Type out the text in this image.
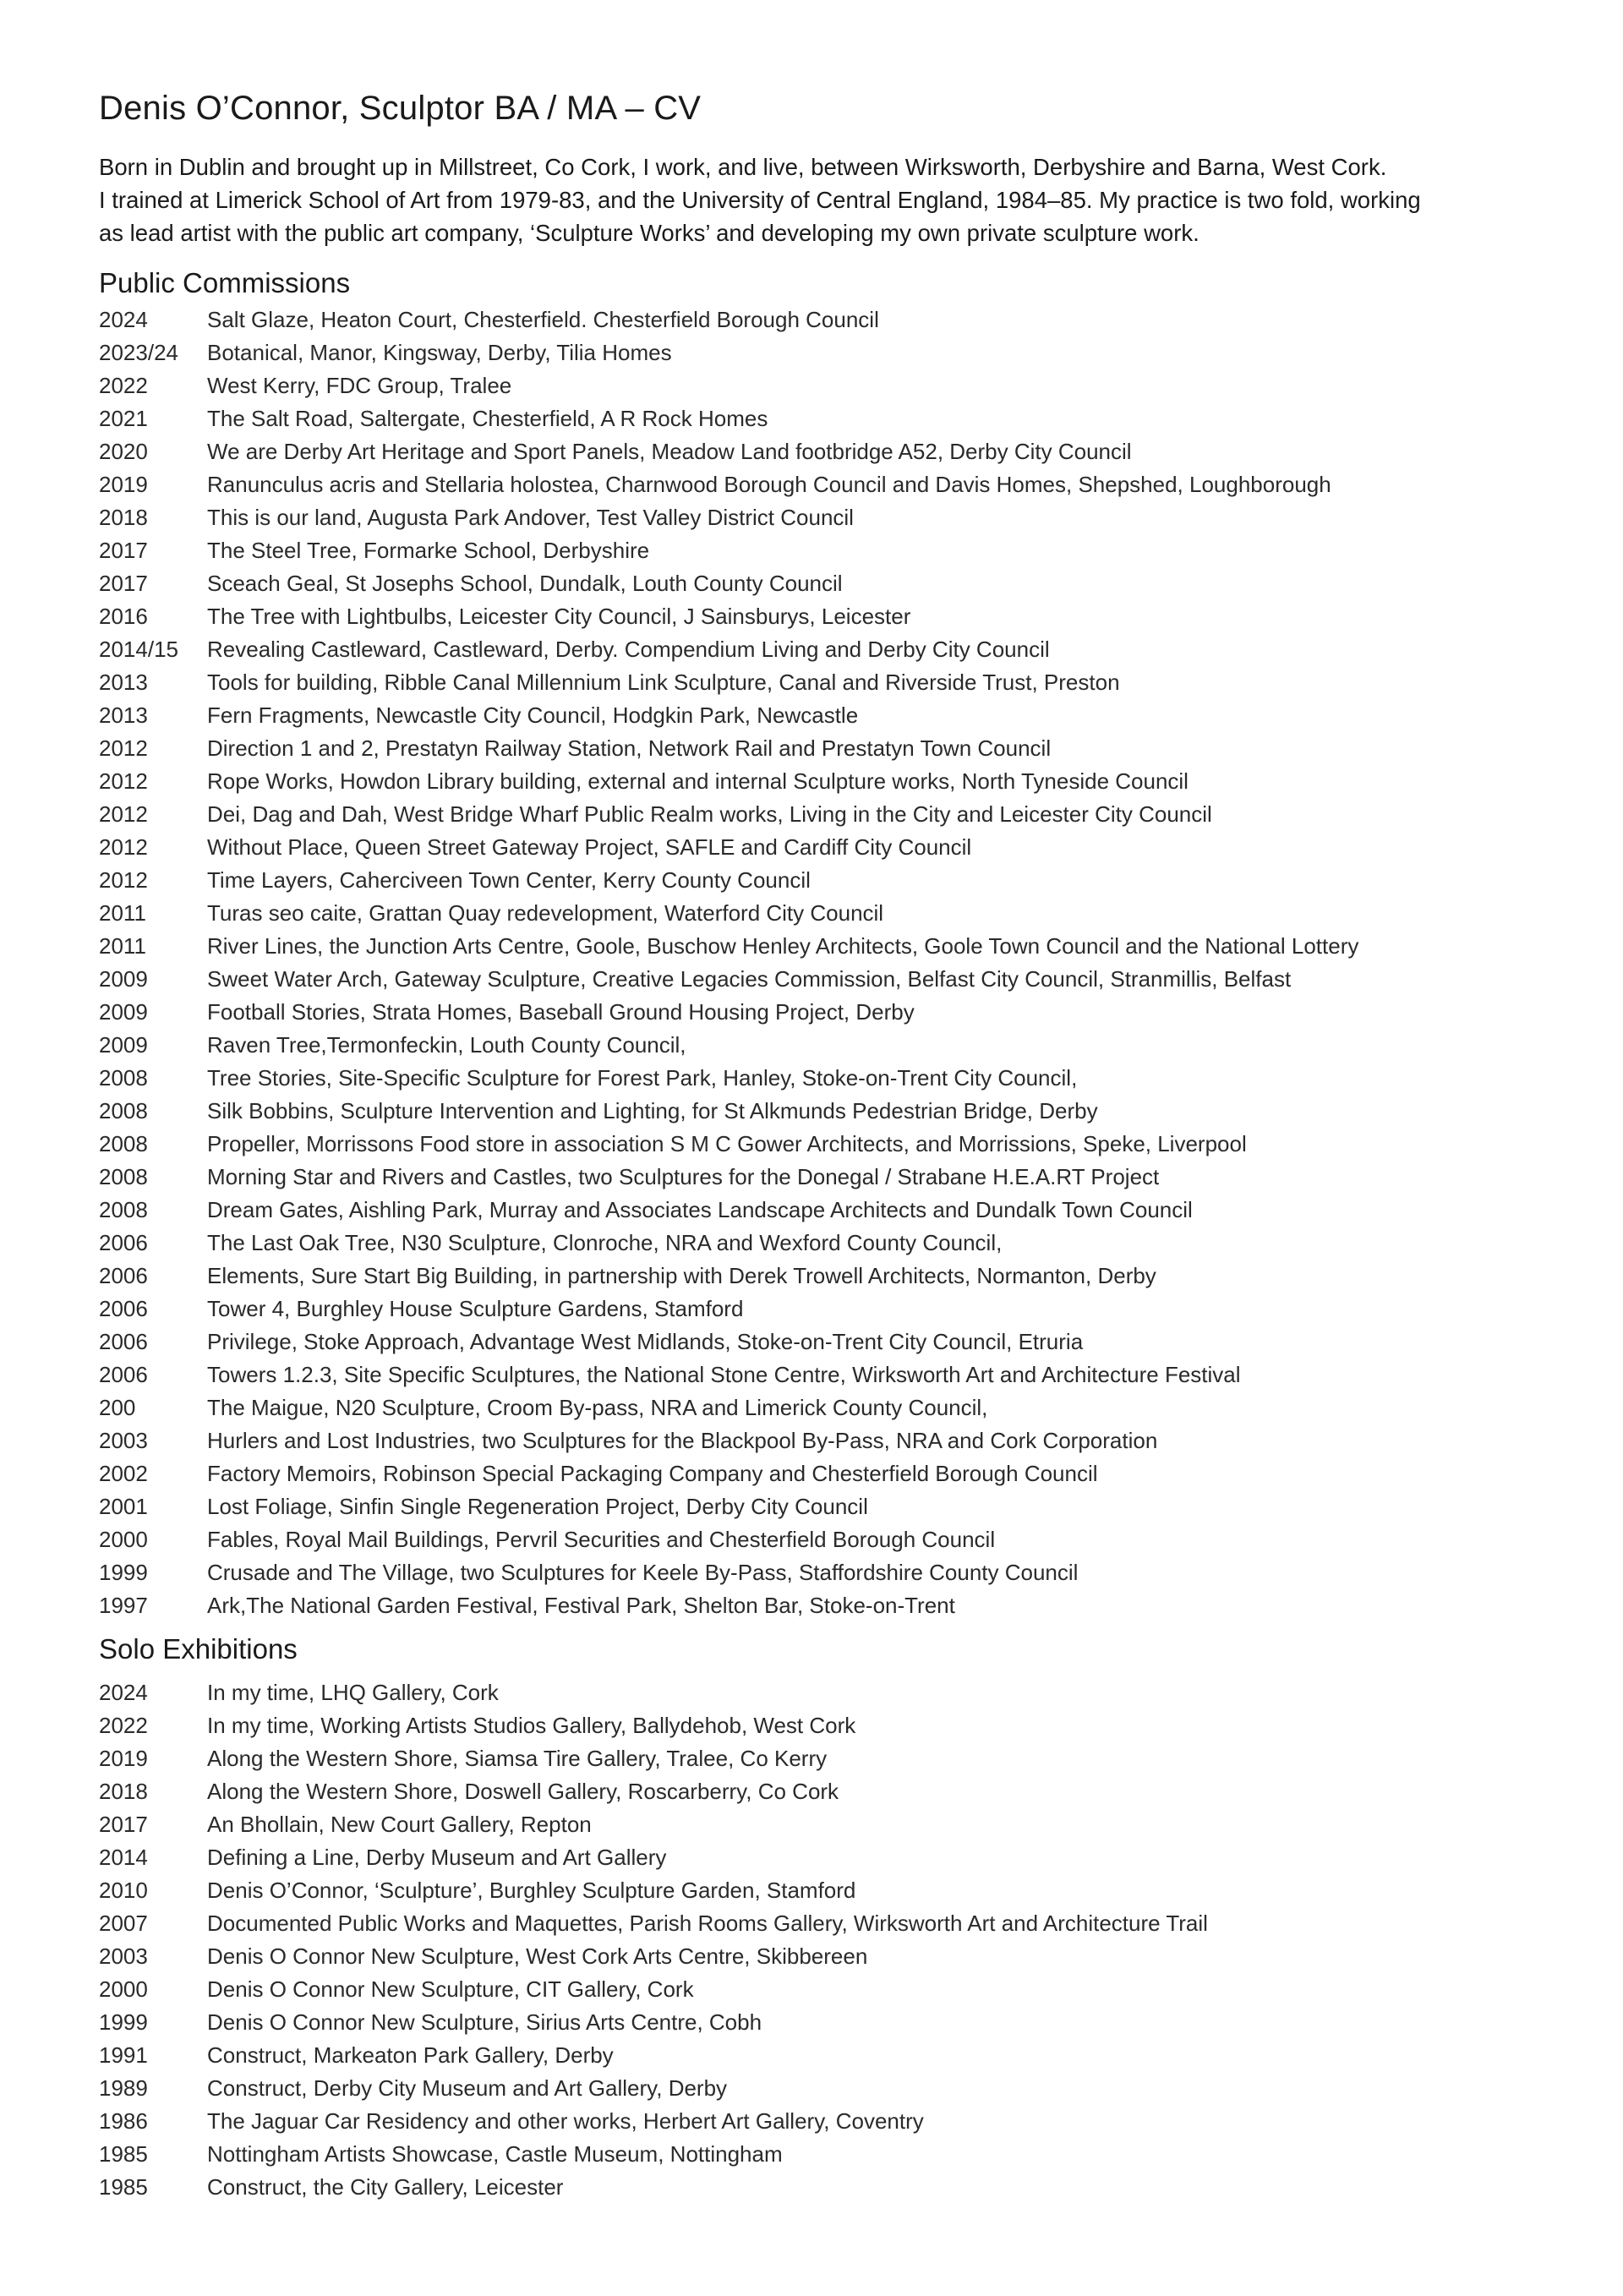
Denis O’Connor, Sculptor BA / MA – CV

Born in Dublin and brought up in Millstreet, Co Cork, I work, and live, between Wirksworth, Derbyshire and Barna, West Cork.

I trained at Limerick School of Art from 1979-83, and the University of Central England, 1984–85. My practice is two fold, working

as lead artist with the public art company, ‘Sculpture Works’ and developing my own private sculpture work.

Public Commissions
2024	Salt Glaze, Heaton Court, Chesterfield. Chesterfield Borough Council
2023/24	Botanical, Manor, Kingsway, Derby, Tilia Homes
2022	West Kerry, FDC Group, Tralee
2021	The Salt Road, Saltergate, Chesterfield, A R Rock Homes
2020	We are Derby Art Heritage and Sport Panels, Meadow Land footbridge A52, Derby City Council
2019	Ranunculus acris and Stellaria holostea, Charnwood Borough Council and Davis Homes, Shepshed, Loughborough
2018	This is our land, Augusta Park Andover, Test Valley District Council
2017	The Steel Tree, Formarke School, Derbyshire
2017	Sceach Geal, St Josephs School, Dundalk, Louth County Council
2016	The Tree with Lightbulbs, Leicester City Council, J Sainsburys, Leicester
2014/15	Revealing Castleward, Castleward, Derby. Compendium Living and Derby City Council
2013	Tools for building, Ribble Canal Millennium Link Sculpture, Canal and Riverside Trust, Preston
2013	Fern Fragments, Newcastle City Council, Hodgkin Park, Newcastle
2012	Direction 1 and 2, Prestatyn Railway Station, Network Rail and Prestatyn Town Council
2012	Rope Works, Howdon Library building, external and internal Sculpture works, North Tyneside Council
2012	Dei, Dag and Dah, West Bridge Wharf Public Realm works, Living in the City and Leicester City Council
2012	Without Place, Queen Street Gateway Project, SAFLE and Cardiff City Council
2012	Time Layers, Caherciveen Town Center, Kerry County Council
2011	Turas seo caite, Grattan Quay redevelopment, Waterford City Council
2011	River Lines, the Junction Arts Centre, Goole, Buschow Henley Architects, Goole Town Council and the National Lottery
2009	Sweet Water Arch, Gateway Sculpture, Creative Legacies Commission, Belfast City Council, Stranmillis, Belfast
2009	Football Stories, Strata Homes, Baseball Ground Housing Project, Derby
2009	Raven Tree,Termonfeckin, Louth County Council,
2008	Tree Stories, Site-Specific Sculpture for Forest Park, Hanley, Stoke-on-Trent City Council,
2008	Silk Bobbins, Sculpture Intervention and Lighting, for St Alkmunds Pedestrian Bridge, Derby
2008	Propeller, Morrissons Food store in association S M C Gower Architects, and Morrissions, Speke, Liverpool
2008	Morning Star and Rivers and Castles, two Sculptures for the Donegal / Strabane H.E.A.RT Project
2008	Dream Gates, Aishling Park, Murray and Associates Landscape Architects and Dundalk Town Council
2006	The Last Oak Tree, N30 Sculpture, Clonroche, NRA and Wexford County Council,
2006	Elements, Sure Start Big Building, in partnership with Derek Trowell Architects, Normanton, Derby
2006	Tower 4, Burghley House Sculpture Gardens, Stamford
2006	Privilege, Stoke Approach, Advantage West Midlands, Stoke-on-Trent City Council, Etruria
2006	Towers 1.2.3, Site Specific Sculptures, the National Stone Centre, Wirksworth Art and Architecture Festival
200	The Maigue, N20 Sculpture, Croom By-pass, NRA and Limerick County Council,
2003	Hurlers and Lost Industries, two Sculptures for the Blackpool By-Pass, NRA and Cork Corporation
2002	Factory Memoirs, Robinson Special Packaging Company and Chesterfield Borough Council
2001	Lost Foliage, Sinfin Single Regeneration Project, Derby City Council
2000	Fables, Royal Mail Buildings, Pervril Securities and Chesterfield Borough Council
1999	Crusade and The Village, two Sculptures for Keele By-Pass, Staffordshire County Council
1997	Ark,The National Garden Festival, Festival Park, Shelton Bar, Stoke-on-Trent
Solo Exhibitions
2024	In my time, LHQ Gallery, Cork
2022	In my time, Working Artists Studios Gallery, Ballydehob, West Cork
2019	Along the Western Shore, Siamsa Tire Gallery, Tralee, Co Kerry
2018	Along the Western Shore, Doswell Gallery, Roscarberry, Co Cork
2017	An Bhollain, New Court Gallery, Repton
2014	Defining a Line, Derby Museum and Art Gallery
2010	Denis O’Connor, ‘Sculpture’, Burghley Sculpture Garden, Stamford
2007	Documented Public Works and Maquettes, Parish Rooms Gallery, Wirksworth Art and Architecture Trail
2003	Denis O Connor New Sculpture, West Cork Arts Centre, Skibbereen
2000	Denis O Connor New Sculpture, CIT Gallery, Cork
1999	Denis O Connor New Sculpture, Sirius Arts Centre, Cobh
1991	Construct, Markeaton Park Gallery, Derby
1989	Construct, Derby City Museum and Art Gallery, Derby
1986	The Jaguar Car Residency and other works, Herbert Art Gallery, Coventry
1985	Nottingham Artists Showcase, Castle Museum, Nottingham
1985	Construct, the City Gallery, Leicester
